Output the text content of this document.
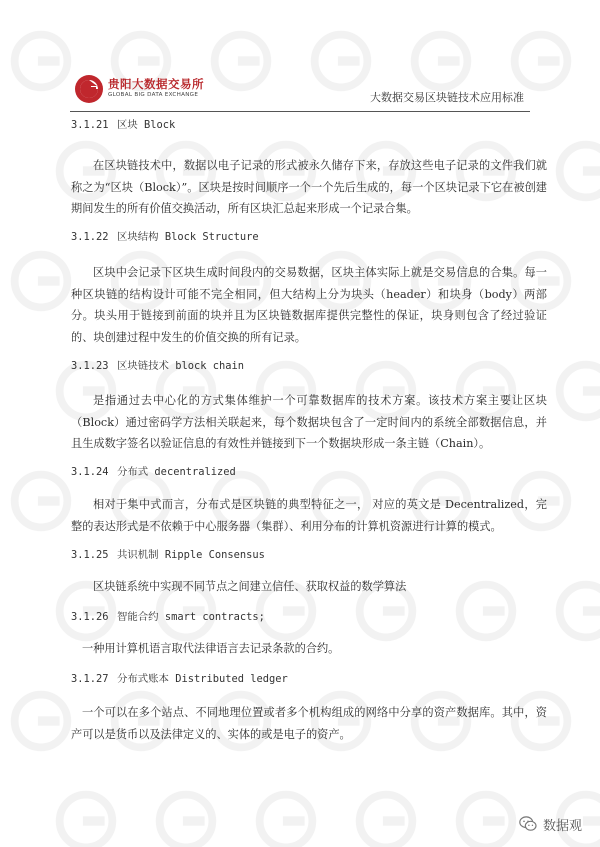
贵阳大数据交易所
GLOBAL BIG DATA EXCHANGE	大数据交易区块链技术应用标准
3.1.21 区块 Block

在区块链技术中，数据以电子记录的形式被永久储存下来，存放这些电子记录的文件我们就称之为“区块（Block）”。区块是按时间顺序一个一个先后生成的，每一个区块记录下它在被创建期间发生的所有价值交换活动，所有区块汇总起来形成一个记录合集。

3.1.22 区块结构 Block Structure

区块中会记录下区块生成时间段内的交易数据，区块主体实际上就是交易信息的合集。每一种区块链的结构设计可能不完全相同，但大结构上分为块头（header）和块身（body）两部分。块头用于链接到前面的块并且为区块链数据库提供完整性的保证，块身则包含了经过验证的、块创建过程中发生的价值交换的所有记录。

3.1.23 区块链技术 block chain

是指通过去中心化的方式集体维护一个可靠数据库的技术方案。该技术方案主要让区块（Block）通过密码学方法相关联起来，每个数据块包含了一定时间内的系统全部数据信息，并且生成数字签名以验证信息的有效性并链接到下一个数据块形成一条主链（Chain）。

3.1.24 分布式 decentralized

相对于集中式而言，分布式是区块链的典型特征之一， 对应的英文是 Decentralized，完整的表达形式是不依赖于中心服务器（集群）、利用分布的计算机资源进行计算的模式。

3.1.25 共识机制 Ripple Consensus

区块链系统中实现不同节点之间建立信任、获取权益的数学算法

3.1.26 智能合约 smart contracts;

一种用计算机语言取代法律语言去记录条款的合约。

3.1.27 分布式账本 Distributed ledger

一个可以在多个站点、不同地理位置或者多个机构组成的网络中分享的资产数据库。其中，资产可以是货币以及法律定义的、实体的或是电子的资产。

数据观
